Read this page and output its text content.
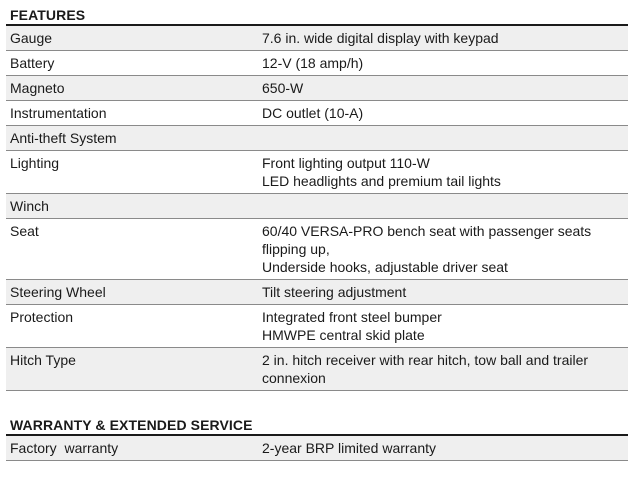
FEATURES
Gauge	7.6 in. wide digital display with keypad

Battery	12-V (18 amp/h)

Magneto	650-W

Instrumentation	DC outlet (10-A)

Anti-theft System	

Lighting	Front lighting output 110-W
LED headlights and premium tail lights

Winch	

Seat	60/40 VERSA-PRO bench seat with passenger seats
flipping up,
Underside hooks, adjustable driver seat

Steering Wheel	Tilt steering adjustment

Protection	Integrated front steel bumper
HMWPE central skid plate

Hitch Type	2 in. hitch receiver with rear hitch, tow ball and trailer
connexion
WARRANTY & EXTENDED SERVICE
Factory  warranty	2-year BRP limited warranty
